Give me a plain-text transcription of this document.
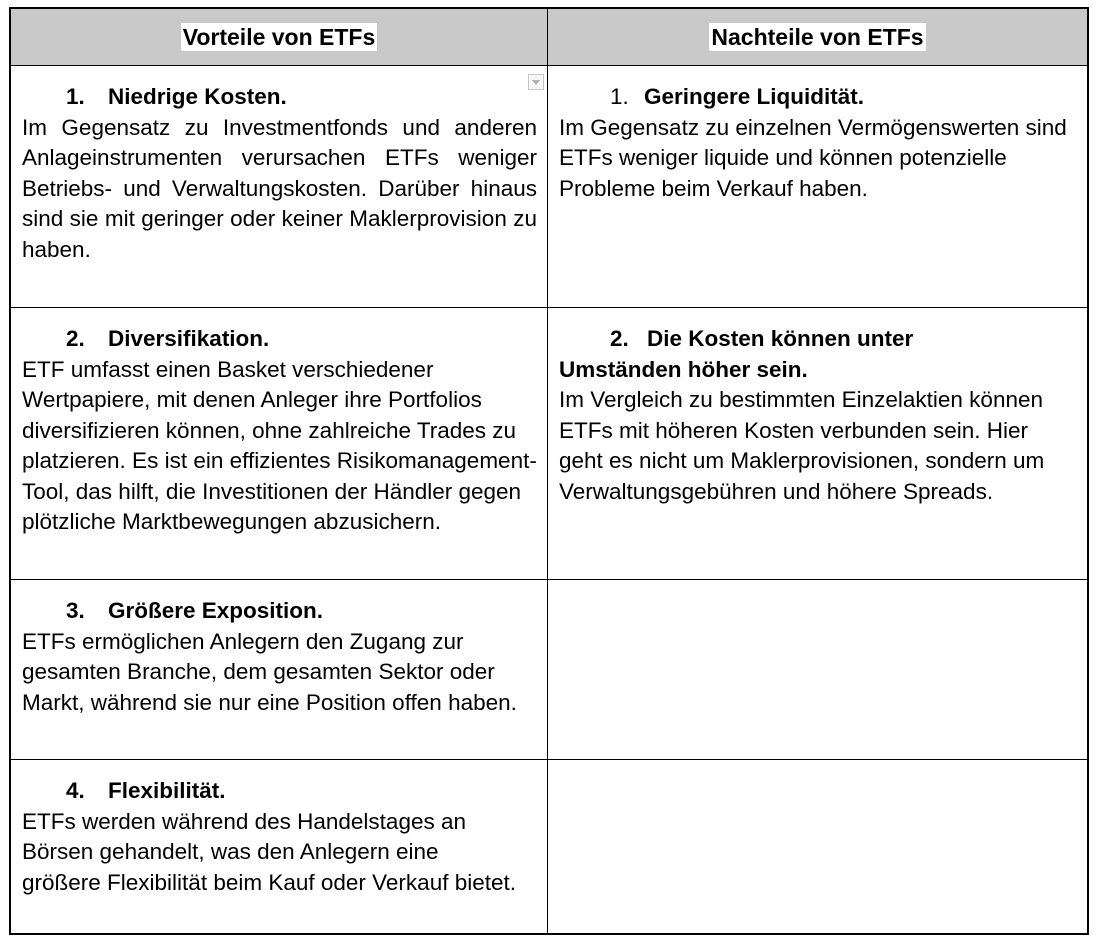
Vorteile von ETFs	Nachteile von ETFs
1. Niedrige Kosten.
Im Gegensatz zu Investmentfonds und anderen Anlageinstrumenten verursachen ETFs weniger Betriebs- und Verwaltungskosten. Darüber hinaus sind sie mit geringer oder keiner Maklerprovision zu haben.
1. Geringere Liquidität.
Im Gegensatz zu einzelnen Vermögenswerten sind ETFs weniger liquide und können potenzielle Probleme beim Verkauf haben.
2. Diversifikation.
ETF umfasst einen Basket verschiedener Wertpapiere, mit denen Anleger ihre Portfolios diversifizieren können, ohne zahlreiche Trades zu platzieren. Es ist ein effizientes Risikomanagement-Tool, das hilft, die Investitionen der Händler gegen plötzliche Marktbewegungen abzusichern.
2. Die Kosten können unter
Umständen höher sein.
Im Vergleich zu bestimmten Einzelaktien können ETFs mit höheren Kosten verbunden sein. Hier geht es nicht um Maklerprovisionen, sondern um Verwaltungsgebühren und höhere Spreads.
3. Größere Exposition.
ETFs ermöglichen Anlegern den Zugang zur gesamten Branche, dem gesamten Sektor oder Markt, während sie nur eine Position offen haben.
4. Flexibilität.
ETFs werden während des Handelstages an Börsen gehandelt, was den Anlegern eine größere Flexibilität beim Kauf oder Verkauf bietet.
